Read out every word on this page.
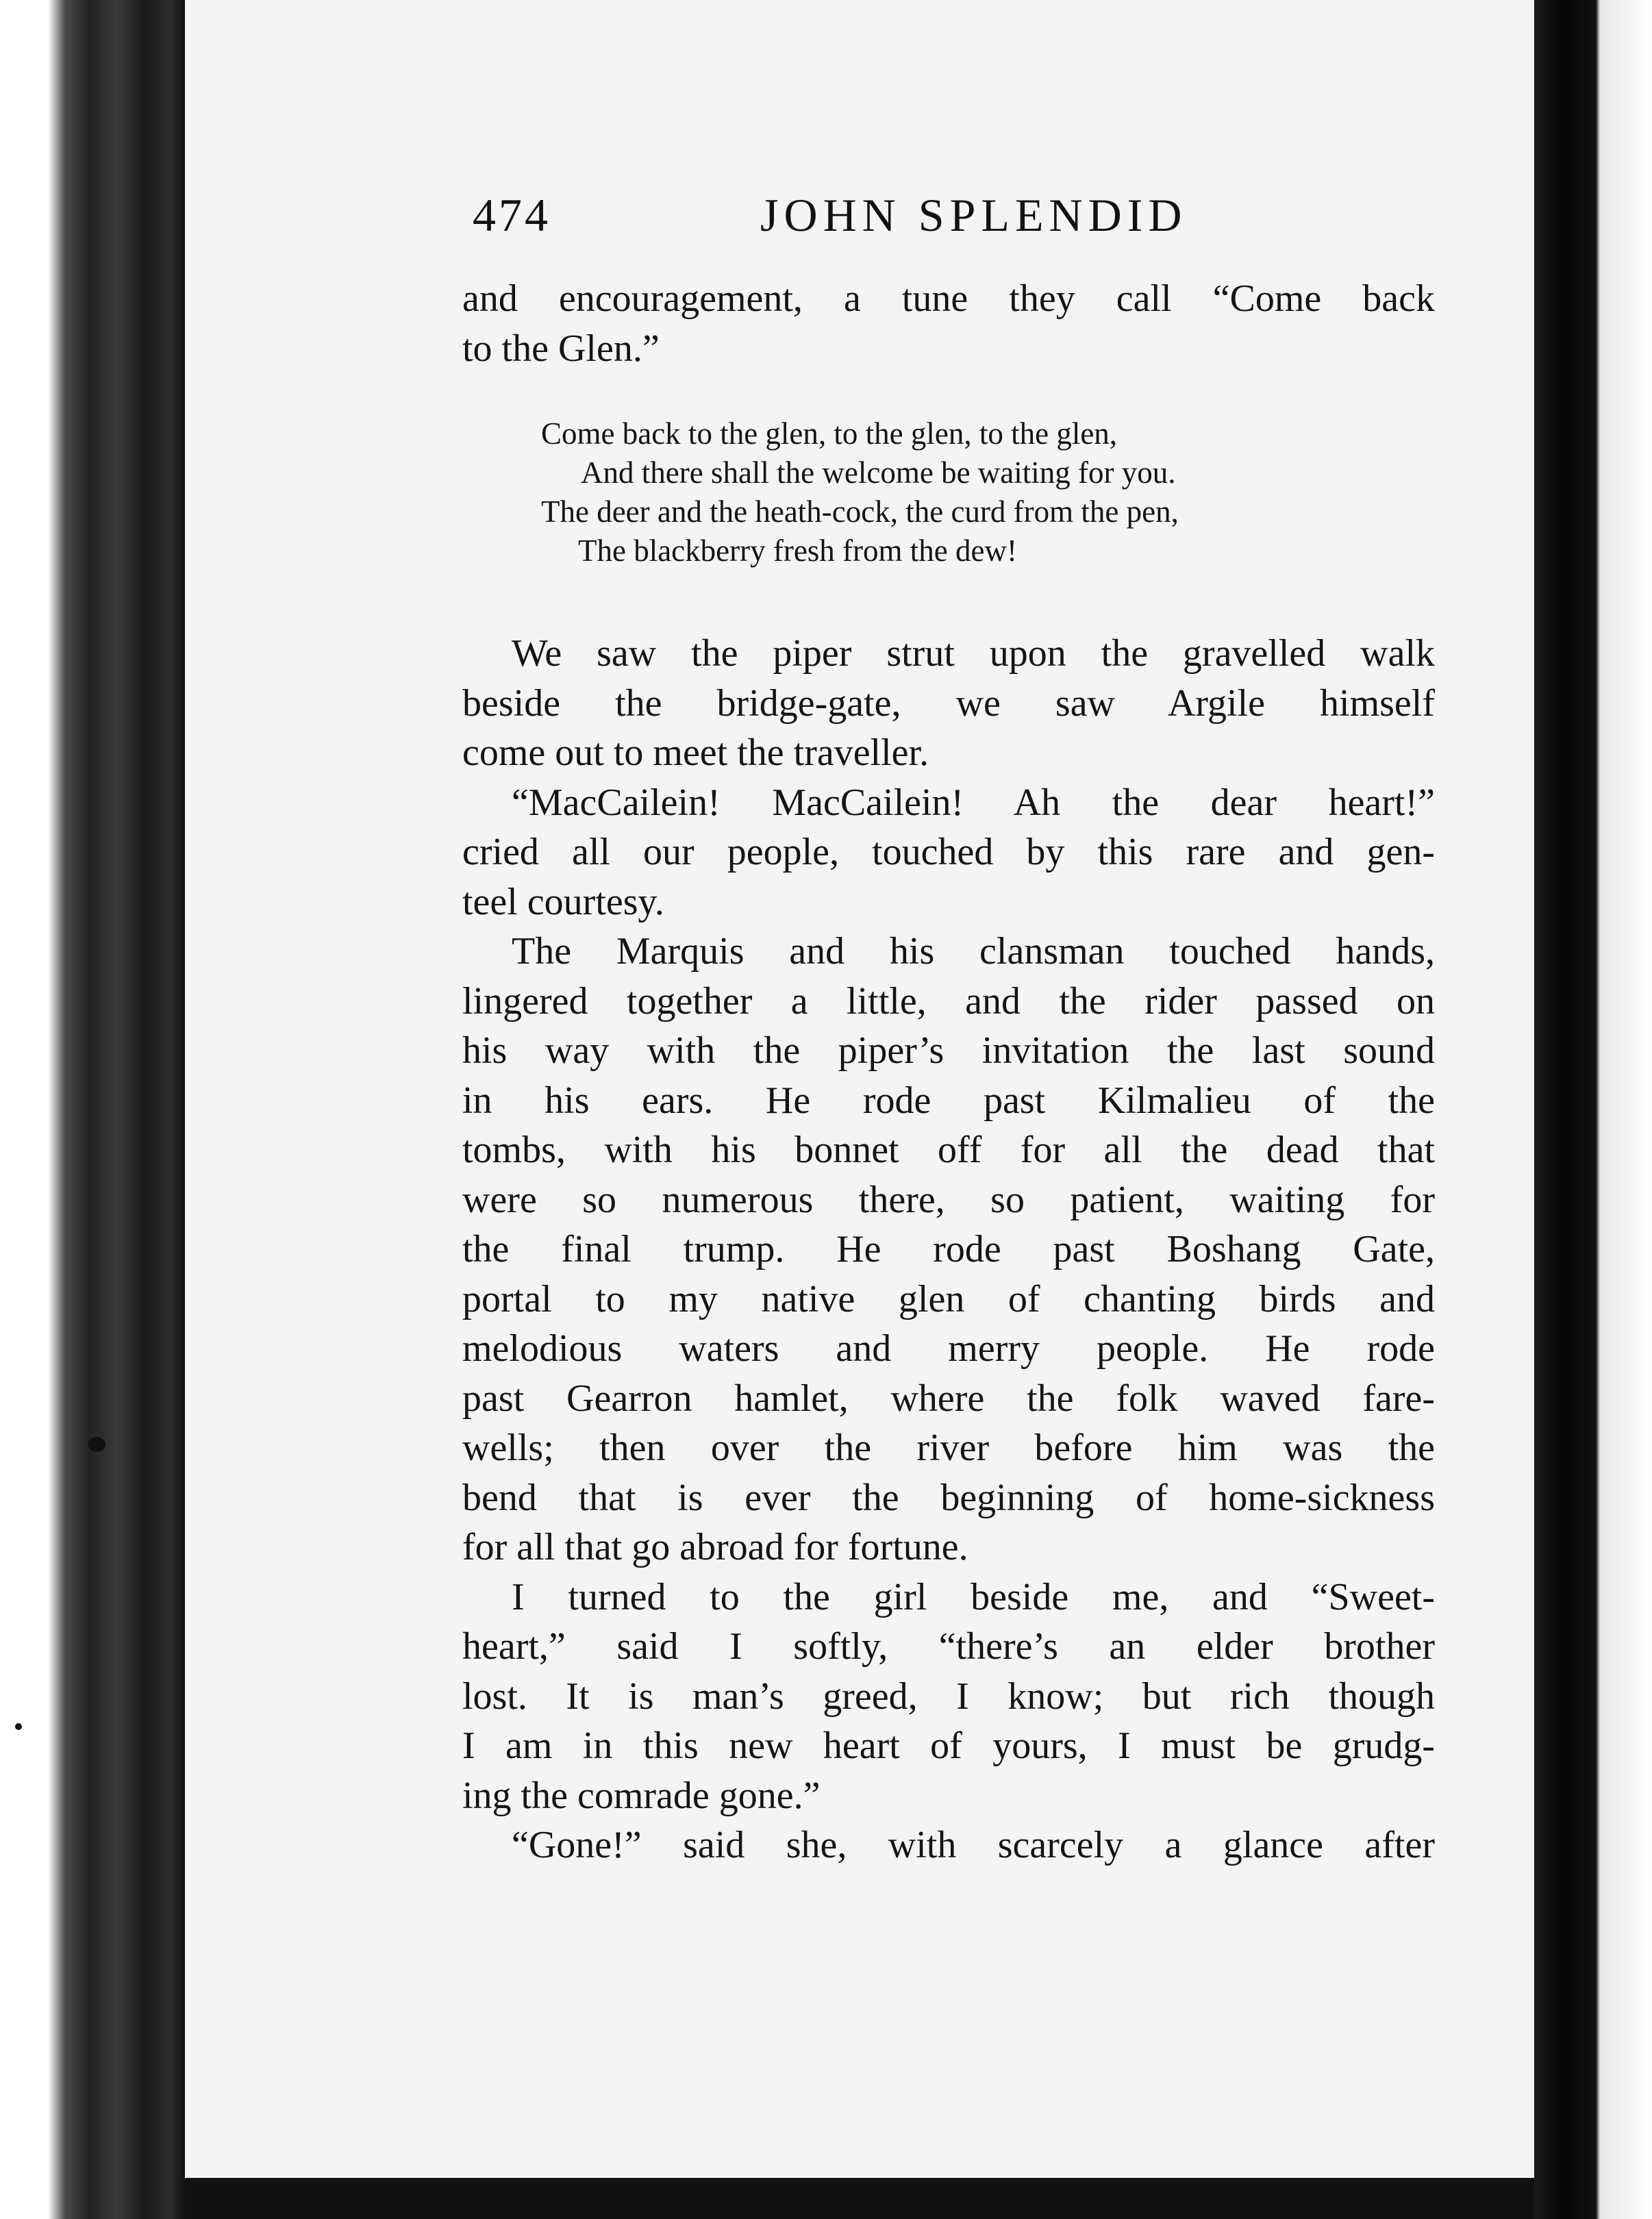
474	JOHN SPLENDID
and encouragement, a tune they call “Come back
to the Glen.”
Come back to the glen, to the glen, to the glen,
And there shall the welcome be waiting for you.
The deer and the heath-cock, the curd from the pen,
The blackberry fresh from the dew!
We saw the piper strut upon the gravelled walk
beside the bridge-gate, we saw Argile himself
come out to meet the traveller.
“MacCailein! MacCailein! Ah the dear heart!”
cried all our people, touched by this rare and gen-
teel courtesy.
The Marquis and his clansman touched hands,
lingered together a little, and the rider passed on
his way with the piper’s invitation the last sound
in his ears. He rode past Kilmalieu of the
tombs, with his bonnet off for all the dead that
were so numerous there, so patient, waiting for
the final trump. He rode past Boshang Gate,
portal to my native glen of chanting birds and
melodious waters and merry people. He rode
past Gearron hamlet, where the folk waved fare-
wells; then over the river before him was the
bend that is ever the beginning of home-sickness
for all that go abroad for fortune.
I turned to the girl beside me, and “Sweet-
heart,” said I softly, “there’s an elder brother
lost. It is man’s greed, I know; but rich though
I am in this new heart of yours, I must be grudg-
ing the comrade gone.”
“Gone!” said she, with scarcely a glance after
